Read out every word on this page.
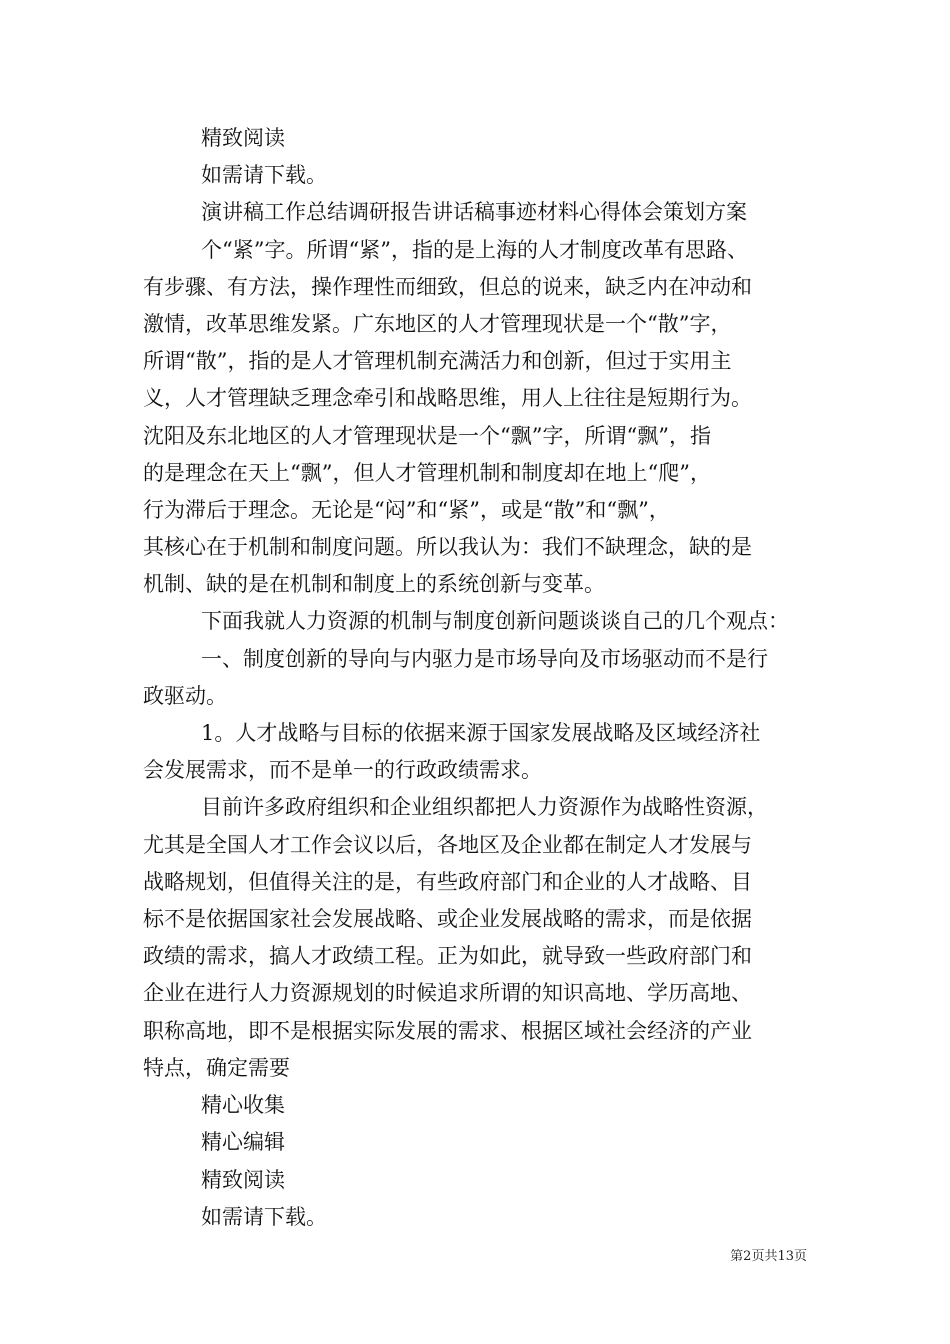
精致阅读
如需请下载。
演讲稿工作总结调研报告讲话稿事迹材料心得体会策划方案
个“紧”字。所谓“紧”，指的是上海的人才制度改革有思路、
有步骤、有方法，操作理性而细致，但总的说来，缺乏内在冲动和
激情，改革思维发紧。广东地区的人才管理现状是一个“散”字，
所谓“散”，指的是人才管理机制充满活力和创新，但过于实用主
义，人才管理缺乏理念牵引和战略思维，用人上往往是短期行为。
沈阳及东北地区的人才管理现状是一个“飘”字，所谓“飘”，指
的是理念在天上“飘”，但人才管理机制和制度却在地上“爬”，
行为滞后于理念。无论是“闷”和“紧”，或是“散”和“飘”，
其核心在于机制和制度问题。所以我认为：我们不缺理念，缺的是
机制、缺的是在机制和制度上的系统创新与变革。
下面我就人力资源的机制与制度创新问题谈谈自己的几个观点：
一、制度创新的导向与内驱力是市场导向及市场驱动而不是行
政驱动。
1。人才战略与目标的依据来源于国家发展战略及区域经济社
会发展需求，而不是单一的行政政绩需求。
目前许多政府组织和企业组织都把人力资源作为战略性资源，
尤其是全国人才工作会议以后，各地区及企业都在制定人才发展与
战略规划，但值得关注的是，有些政府部门和企业的人才战略、目
标不是依据国家社会发展战略、或企业发展战略的需求，而是依据
政绩的需求，搞人才政绩工程。正为如此，就导致一些政府部门和
企业在进行人力资源规划的时候追求所谓的知识高地、学历高地、
职称高地，即不是根据实际发展的需求、根据区域社会经济的产业
特点，确定需要
精心收集
精心编辑
精致阅读
如需请下载。
第2页共13页
